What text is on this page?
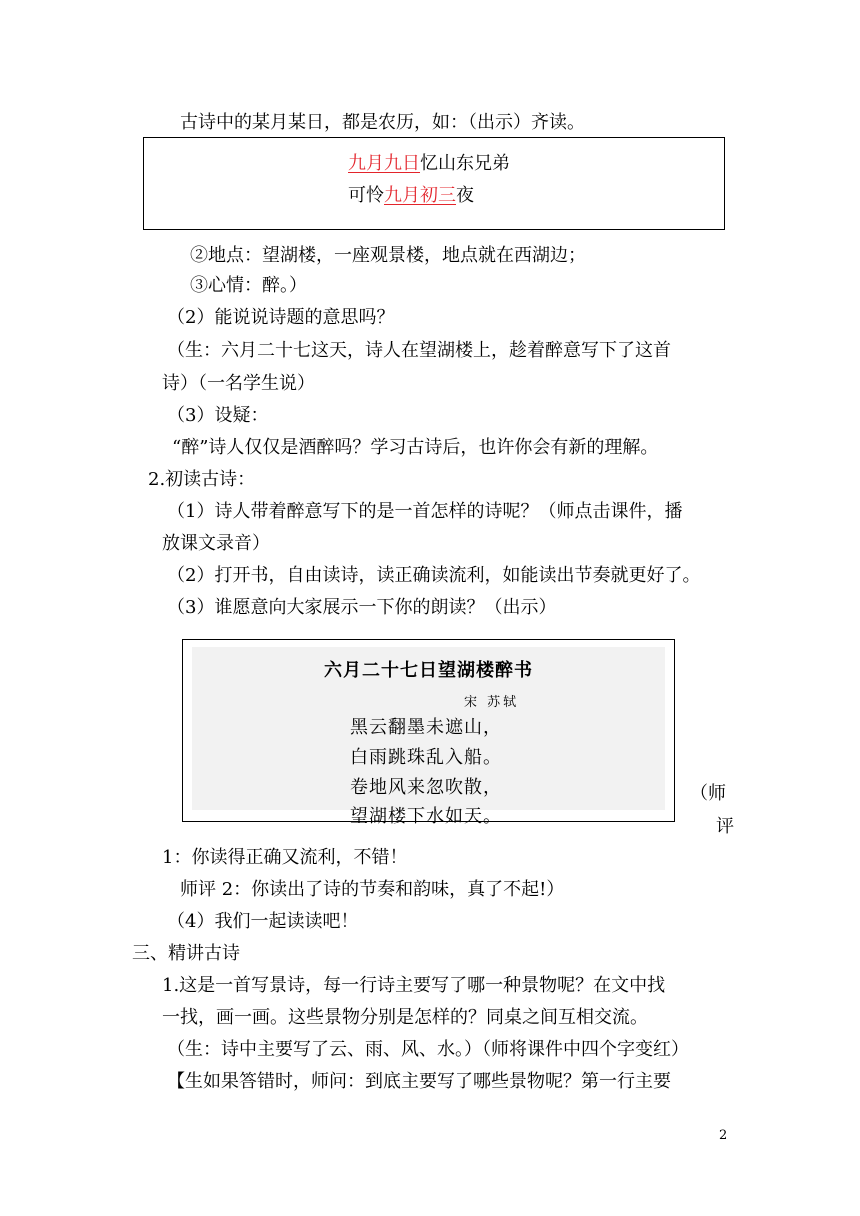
古诗中的某月某日，都是农历，如：（出示）齐读。
九月九日忆山东兄弟
可怜九月初三夜
②地点：望湖楼，一座观景楼，地点就在西湖边；
③心情：醉。）
（2）能说说诗题的意思吗？
（生：六月二十七这天，诗人在望湖楼上，趁着醉意写下了这首
诗）（一名学生说）
（3）设疑：
“醉”诗人仅仅是酒醉吗？学习古诗后，也许你会有新的理解。
2.初读古诗：
（1）诗人带着醉意写下的是一首怎样的诗呢？（师点击课件，播
放课文录音）
（2）打开书，自由读诗，读正确读流利，如能读出节奏就更好了。
（3）谁愿意向大家展示一下你的朗读？（出示）
六月二十七日望湖楼醉书
宋 苏轼
黑云翻墨未遮山，
白雨跳珠乱入船。
卷地风来忽吹散，
望湖楼下水如天。
（师
评
1：你读得正确又流利，不错！
师评 2：你读出了诗的节奏和韵味，真了不起!）
（4）我们一起读读吧！
三、精讲古诗
1.这是一首写景诗，每一行诗主要写了哪一种景物呢？在文中找
一找，画一画。这些景物分别是怎样的？同桌之间互相交流。
（生：诗中主要写了云、雨、风、水。）（师将课件中四个字变红）
【生如果答错时，师问：到底主要写了哪些景物呢？第一行主要
2
